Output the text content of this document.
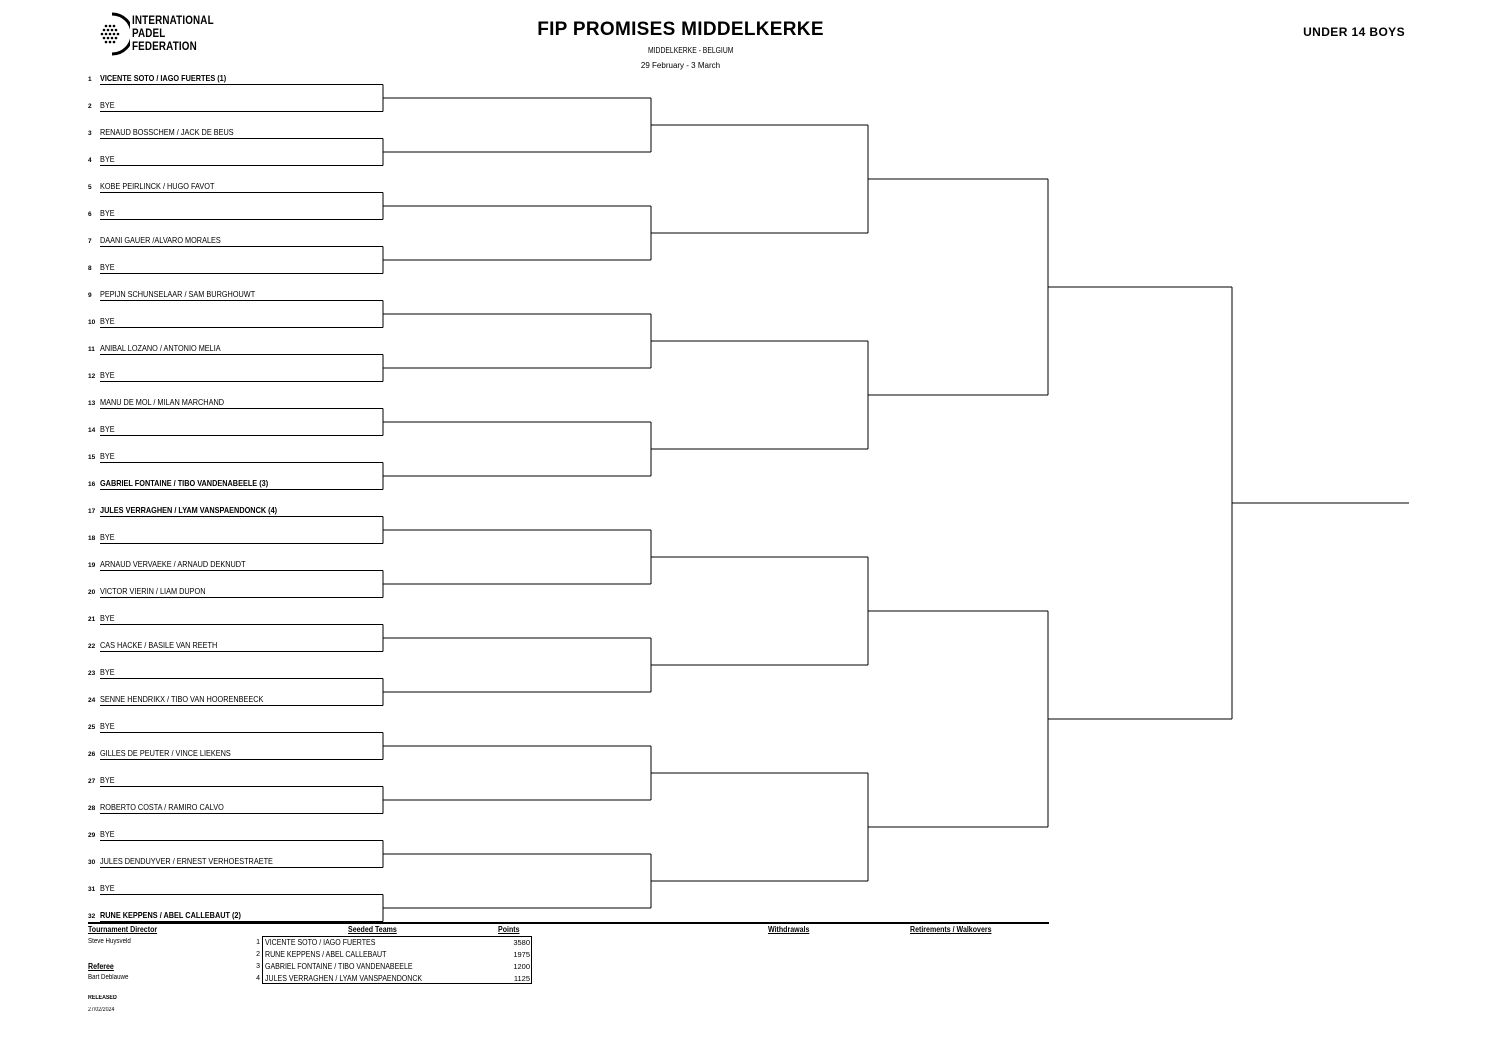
INTERNATIONAL
PADEL
FEDERATION
FIP PROMISES MIDDELKERKE
MIDDELKERKE - BELGIUM
29 February - 3 March
UNDER 14 BOYS
1 VICENTE SOTO / IAGO FUERTES (1)
2 BYE
3 RENAUD BOSSCHEM / JACK DE BEUS
4 BYE
5 KOBE PEIRLINCK / HUGO FAVOT
6 BYE
7 DAANI GAUER /ALVARO MORALES
8 BYE
9 PEPIJN SCHUNSELAAR / SAM BURGHOUWT
10 BYE
11 ANIBAL LOZANO / ANTONIO MELIA
12 BYE
13 MANU DE MOL / MILAN MARCHAND
14 BYE
15 BYE
16 GABRIEL FONTAINE / TIBO VANDENABEELE (3)
17 JULES VERRAGHEN / LYAM VANSPAENDONCK (4)
18 BYE
19 ARNAUD VERVAEKE / ARNAUD DEKNUDT
20 VICTOR VIERIN / LIAM DUPON
21 BYE
22 CAS HACKE / BASILE VAN REETH
23 BYE
24 SENNE HENDRIKX / TIBO VAN HOORENBEECK
25 BYE
26 GILLES DE PEUTER / VINCE LIEKENS
27 BYE
28 ROBERTO COSTA / RAMIRO CALVO
29 BYE
30 JULES DENDUYVER / ERNEST VERHOESTRAETE
31 BYE
32 RUNE KEPPENS / ABEL CALLEBAUT (2)
Tournament Director
Steve Huysveld
Referee
Bart Deblauwe
RELEASED
27/02/2024
Seeded Teams	Points	Withdrawals	Retirements / Walkovers
1 VICENTE SOTO / IAGO FUERTES	3580
2 RUNE KEPPENS / ABEL CALLEBAUT	1975
3 GABRIEL FONTAINE / TIBO VANDENABEELE	1200
4 JULES VERRAGHEN / LYAM VANSPAENDONCK	1125
